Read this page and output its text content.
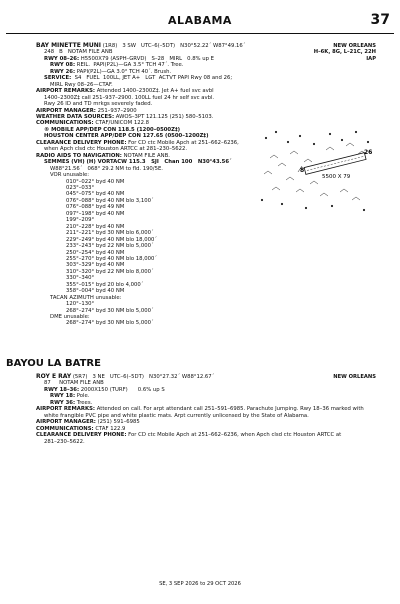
ALABAMA	37
BAY MINETTE MUNI (1R8) 3 SW UTC–6(–5DT) N30°52.22´ W87°49.16´
248   B   NOTAM FILE ANB
NEW ORLEANS
H–6K, 8G, L–21C, 22H
IAP
RWY 08–26: H5500X79 (ASPH–GRVD)   S–28   MIRL   0.8% up E
RWY 08: REIL.  PAPI(P2L)—GA 3.5° TCH 47´. Tree.
RWY 26: PAPI(P2L)—GA 3.0° TCH 40´. Brush.
SERVICE:  S4   FUEL  100LL, JET A+   LGT  ACTVT PAPI Rwy 08 and 26;
MIRL Rwy 08–26—CTAF.
AIRPORT REMARKS: Attended 1400–2300Z‡. Jet A+ fuel svc avbl
1400–2300Z‡ call 251–937–2900. 100LL fuel 24 hr self svc avbl.
Rwy 26 ID and TD mrkgs severely faded.
AIRPORT MANAGER: 251–937–2900
WEATHER DATA SOURCES: AWOS–3PT 121.125 (251) 580–5103.
COMMUNICATIONS: CTAF/UNICOM 122.8
® MOBILE APP/DEP CON 118.5 (1200–0500Z‡)
HOUSTON CENTER APP/DEP CON 127.65 (0500–1200Z‡)
CLEARANCE DELIVERY PHONE: For CD ctc Mobile Apch at 251–662–6236,
when Apch clsd ctc Houston ARTCC at 281–230–5622.
RADIO AIDS TO NAVIGATION: NOTAM FILE ANB.
SEMMES (VH) (H) VORTACW 115.3   SJI   Chan 100   N30°43.56´
W88°21.56´   068° 29.2 NM to fld. 190/5E.
VOR unusable:
010°–022° byd 40 NM
023°–033°
045°–075° byd 40 NM
076°–088° byd 40 NM blo 3,100´
076°–088° byd 49 NM
097°–198° byd 40 NM
199°–209°
210°–228° byd 40 NM
211°–221° byd 30 NM blo 6,000´
229°–249° byd 40 NM blo 18,000´
233°–243° byd 22 NM blo 5,000´
250°–254° byd 40 NM
255°–270° byd 40 NM blo 18,000´
303°–329° byd 40 NM
310°–320° byd 22 NM blo 8,000´
330°–340°
355°–015° byd 20 blo 4,000´
358°–004° byd 40 NM
TACAN AZIMUTH unusable:
120°–130°
268°–274° byd 30 NM blo 5,000´
DME unusable:
268°–274° byd 30 NM blo 5,000´
5500 X 79
8
26
BAYOU LA BATRE
ROY E RAY (5R7) 3 NE UTC–6(–5DT) N30°27.32´ W88°12.67´
87     NOTAM FILE ANB
NEW ORLEANS
RWY 18–36: 2000X150 (TURF)      0.6% up S
RWY 18: Pole.
RWY 36: Trees.
AIRPORT REMARKS: Attended on call. For arpt attendant call 251–591–6985. Parachute Jumping. Rwy 18–36 marked with
white frangible PVC pipe and white plastic mats. Arpt currently unlicensed by the State of Alabama.
AIRPORT MANAGER: (251) 591–6985
COMMUNICATIONS: CTAF 122.9
CLEARANCE DELIVERY PHONE: For CD ctc Mobile Apch at 251–662–6236, when Apch clsd ctc Houston ARTCC at
281–230–5622.
SE, 3 SEP 2026 to 29 OCT 2026
